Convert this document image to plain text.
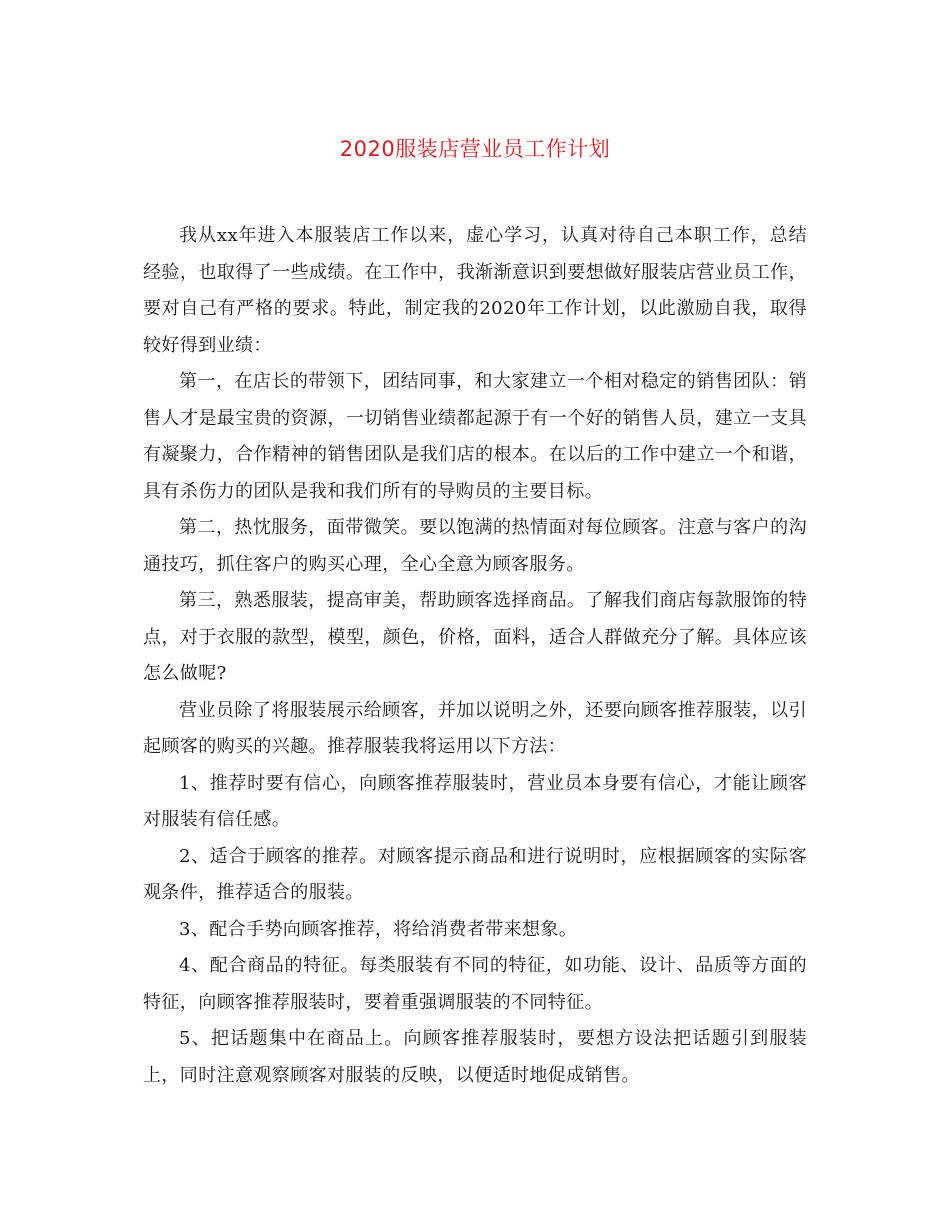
2020服装店营业员工作计划

我从xx年进入本服装店工作以来，虚心学习，认真对待自己本职工作，总结经验，也取得了一些成绩。在工作中，我渐渐意识到要想做好服装店营业员工作，要对自己有严格的要求。特此，制定我的2020年工作计划，以此激励自我，取得较好得到业绩：

第一，在店长的带领下，团结同事，和大家建立一个相对稳定的销售团队：销售人才是最宝贵的资源，一切销售业绩都起源于有一个好的销售人员，建立一支具有凝聚力，合作精神的销售团队是我们店的根本。在以后的工作中建立一个和谐，具有杀伤力的团队是我和我们所有的导购员的主要目标。

第二，热忱服务，面带微笑。要以饱满的热情面对每位顾客。注意与客户的沟通技巧，抓住客户的购买心理，全心全意为顾客服务。

第三，熟悉服装，提高审美，帮助顾客选择商品。了解我们商店每款服饰的特点，对于衣服的款型，模型，颜色，价格，面料，适合人群做充分了解。具体应该怎么做呢?

营业员除了将服装展示给顾客，并加以说明之外，还要向顾客推荐服装，以引起顾客的购买的兴趣。推荐服装我将运用以下方法：

1、推荐时要有信心，向顾客推荐服装时，营业员本身要有信心，才能让顾客对服装有信任感。

2、适合于顾客的推荐。对顾客提示商品和进行说明时，应根据顾客的实际客观条件，推荐适合的服装。

3、配合手势向顾客推荐，将给消费者带来想象。

4、配合商品的特征。每类服装有不同的特征，如功能、设计、品质等方面的特征，向顾客推荐服装时，要着重强调服装的不同特征。

5、把话题集中在商品上。向顾客推荐服装时，要想方设法把话题引到服装上，同时注意观察顾客对服装的反映，以便适时地促成销售。
